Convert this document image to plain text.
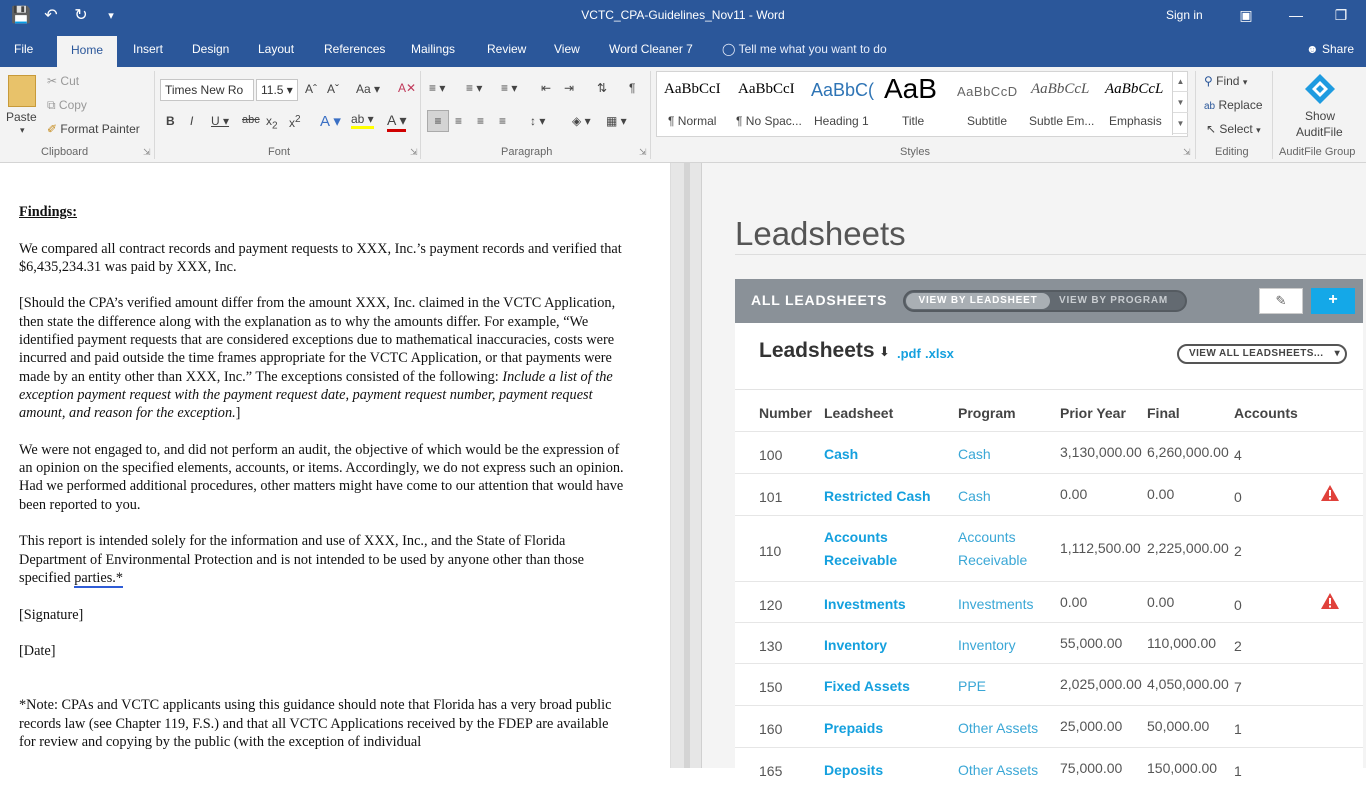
💾 ↶ ↻	▾	VCTC_CPA-Guidelines_Nov11 - Word	Sign in	▣	—	❐
File	Home	Insert Design Layout References Mailings	Review View Word Cleaner 7 ◯ Tell me what you want to do	☻ Share
Paste
▾
✂ Cut
⧉ Copy
✐ Format Painter
Clipboard	⇲
Times New Ro	11.5 ▾	Aˆ Aˇ Aa ▾ A✕
B I U ▾ abc $x_2$ $x^2$ A ▾ ab ▾ A ▾
Font	⇲
≡ ▾ ≡ ▾ ≡ ▾ ⇤ ⇥ ⇅ ¶
≡	≡ ≡ ≡ ↕ ▾ ◈ ▾ ▦ ▾
Paragraph	⇲
AaBbCcI
¶ Normal
AaBbCcI
¶ No Spac...
AaBbC(
Heading 1
AaB
Title
AaBbCcD
Subtitle
AaBbCcL
Subtle Em...
AaBbCcL
Emphasis
▲
▼
▼
Styles	⇲
⚲ Find ▾
ab Replace
↖ Select ▾
Editing
Show
AuditFile
AuditFile Group
Findings:

We compared all contract records and payment requests to XXX, Inc.’s payment records and verified that $6,435,234.31 was paid by XXX, Inc.

[Should the CPA’s verified amount differ from the amount XXX, Inc. claimed in the VCTC Application, then state the difference along with the explanation as to why the amounts differ. For example, “We identified payment requests that are considered exceptions due to mathematical inaccuracies, costs were incurred and paid outside the time frames appropriate for the VCTC Application, or that payments were made by an entity other than XXX, Inc.” The exceptions consisted of the following: Include a list of the exception payment request with the payment request date, payment request number, payment request amount, and reason for the exception.]

We were not engaged to, and did not perform an audit, the objective of which would be the expression of an opinion on the specified elements, accounts, or items. Accordingly, we do not express such an opinion. Had we performed additional procedures, other matters might have come to our attention that would have been reported to you.

This report is intended solely for the information and use of XXX, Inc., and the State of Florida Department of Environmental Protection and is not intended to be used by anyone other than those specified parties.*

[Signature]

[Date]

*Note: CPAs and VCTC applicants using this guidance should note that Florida has a very broad public records law (see Chapter 119, F.S.) and that all VCTC Applications received by the FDEP are available for review and copying by the public (with the exception of individual

Leadsheets
ALL LEADSHEETS	VIEW BY LEADSHEET	VIEW BY PROGRAM	✎	+
Leadsheets ⬇ .pdf .xlsx	VIEW ALL LEADSHEETS... ▾
Number Leadsheet	Program	Prior Year Final	Accounts
100	Cash	Cash	3,130,000.00 6,260,000.00 4
101	Restricted Cash Cash	0.00	0.00	0
110
Accounts Receivable
Accounts Receivable
1,112,500.00 2,225,000.00 2
120	Investments	Investments 0.00	0.00	0
130	Inventory	Inventory	55,000.00 110,000.00 2
150	Fixed Assets	PPE	2,025,000.00 4,050,000.00 7
160	Prepaids	Other Assets 25,000.00 50,000.00 1
165	Deposits	Other Assets 75,000.00 150,000.00 1
